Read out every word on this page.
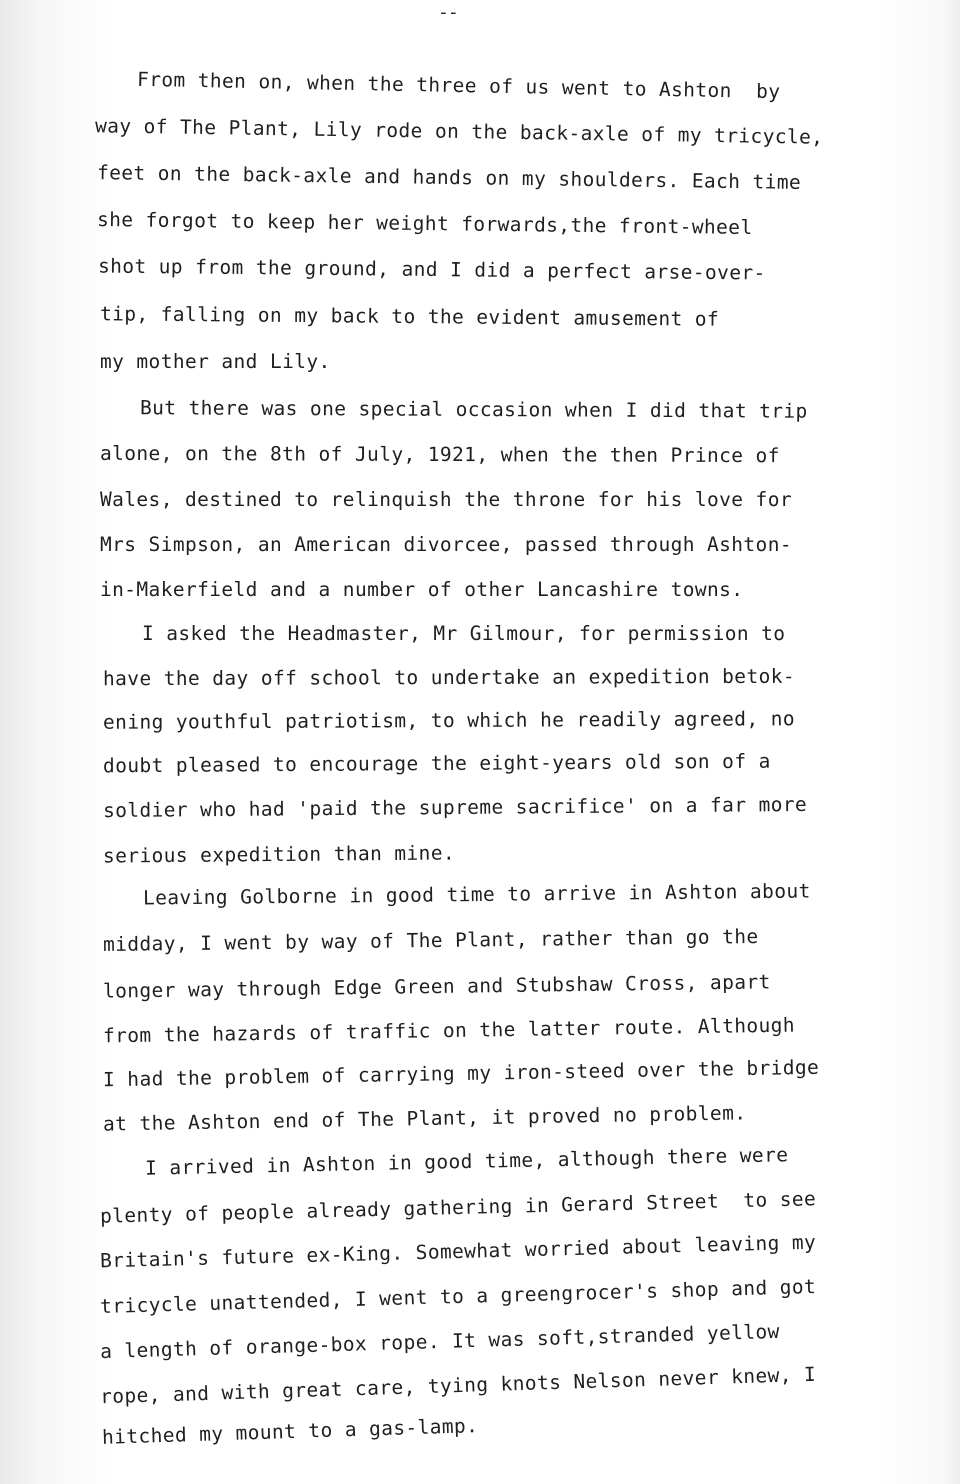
--
From then on, when the three of us went to Ashton  by
way of The Plant, Lily rode on the back-axle of my tricycle,
feet on the back-axle and hands on my shoulders. Each time
she forgot to keep her weight forwards,the front-wheel
shot up from the ground, and I did a perfect arse-over-
tip, falling on my back to the evident amusement of
my mother and Lily.
But there was one special occasion when I did that trip
alone, on the 8th of July, 1921, when the then Prince of
Wales, destined to relinquish the throne for his love for
Mrs Simpson, an American divorcee, passed through Ashton-
in-Makerfield and a number of other Lancashire towns.
I asked the Headmaster, Mr Gilmour, for permission to
have the day off school to undertake an expedition betok-
ening youthful patriotism, to which he readily agreed, no
doubt pleased to encourage the eight-years old son of a
soldier who had 'paid the supreme sacrifice' on a far more
serious expedition than mine.
Leaving Golborne in good time to arrive in Ashton about
midday, I went by way of The Plant, rather than go the
longer way through Edge Green and Stubshaw Cross, apart
from the hazards of traffic on the latter route. Although
I had the problem of carrying my iron-steed over the bridge
at the Ashton end of The Plant, it proved no problem.
I arrived in Ashton in good time, although there were
plenty of people already gathering in Gerard Street  to see
Britain's future ex-King. Somewhat worried about leaving my
tricycle unattended, I went to a greengrocer's shop and got
a length of orange-box rope. It was soft,stranded yellow
rope, and with great care, tying knots Nelson never knew, I
hitched my mount to a gas-lamp.
